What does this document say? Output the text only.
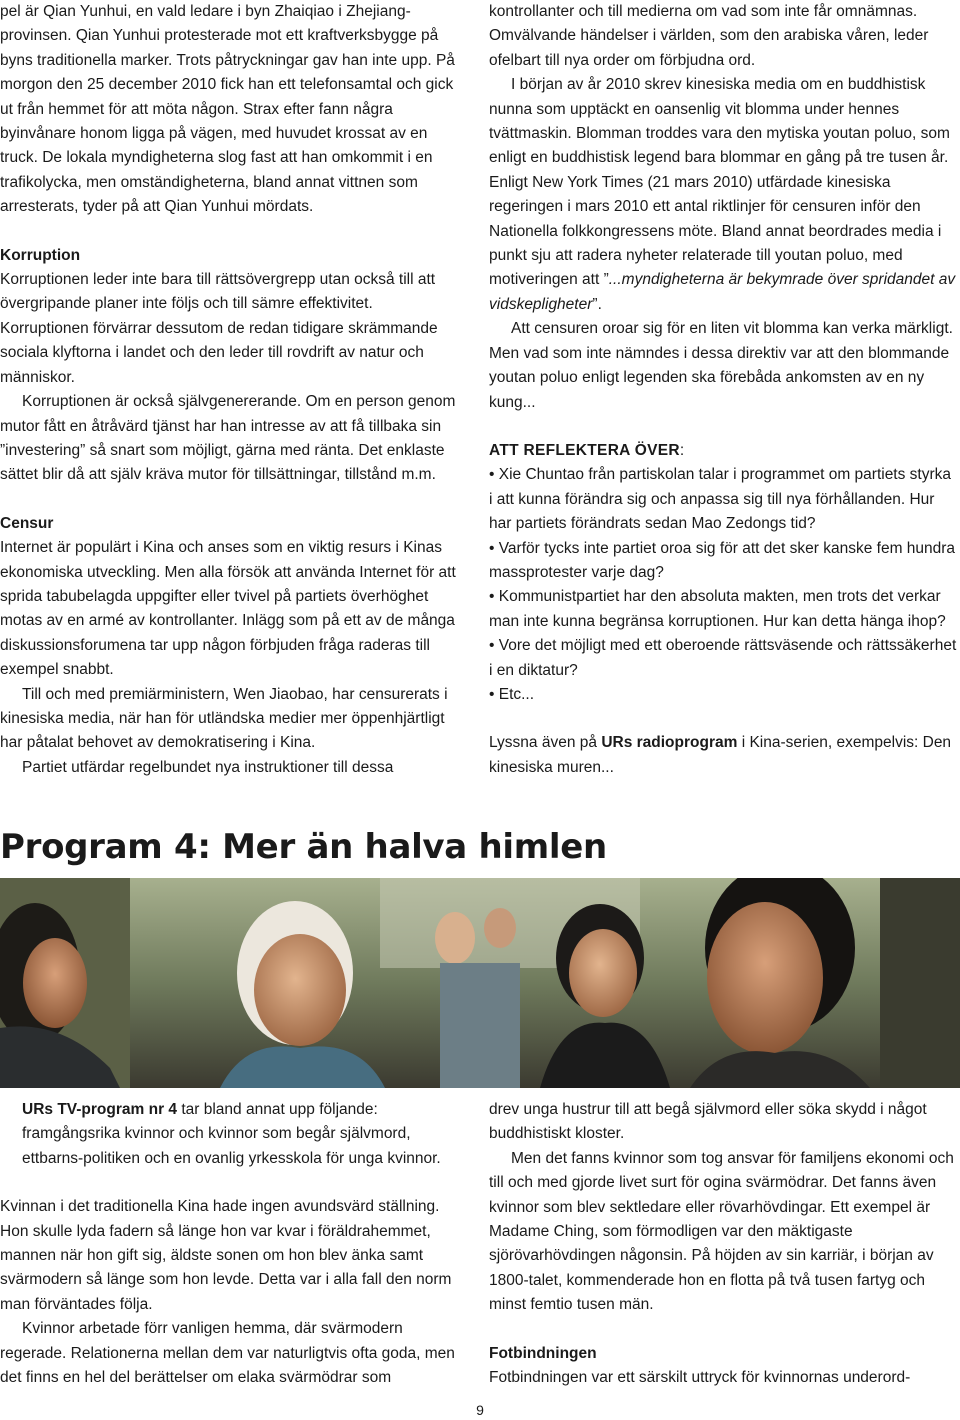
pel är Qian Yunhui, en vald ledare i byn Zhaiqiao i Zhejiang-provinsen. Qian Yunhui protesterade mot ett kraftverksbygge på byns traditionella marker. Trots påtryckningar gav han inte upp. På morgon den 25 december 2010 fick han ett telefonsamtal och gick ut från hemmet för att möta någon. Strax efter fann några byinvånare honom ligga på vägen, med huvudet krossat av en truck. De lokala myndigheterna slog fast att han omkommit i en trafikolycka, men omständigheterna, bland annat vittnen som arresterats, tyder på att Qian Yunhui mördats.

Korruption

Korruptionen leder inte bara till rättsövergrepp utan också till att övergripande planer inte följs och till sämre effektivitet.

Korruptionen förvärrar dessutom de redan tidigare skrämmande sociala klyftorna i landet och den leder till rovdrift av natur och människor.

Korruptionen är också självgenererande. Om en person genom mutor fått en åtråvärd tjänst har han intresse av att få tillbaka sin ”investering” så snart som möjligt, gärna med ränta. Det enklaste sättet blir då att själv kräva mutor för tillsättningar, tillstånd m.m.

Censur

Internet är populärt i Kina och anses som en viktig resurs i Kinas ekonomiska utveckling. Men alla försök att använda Internet för att sprida tabubelagda uppgifter eller tvivel på partiets överhöghet motas av en armé av kontrollanter. Inlägg som på ett av de många diskussionsforumena tar upp någon förbjuden fråga raderas till exempel snabbt.

Till och med premiärministern, Wen Jiaobao, har censurerats i kinesiska media, när han för utländska medier mer öppenhjärtligt har påtalat behovet av demokratisering i Kina.

Partiet utfärdar regelbundet nya instruktioner till dessa

kontrollanter och till medierna om vad som inte får omnämnas. Omvälvande händelser i världen, som den arabiska våren, leder ofelbart till nya order om förbjudna ord.

I början av år 2010 skrev kinesiska media om en buddhistisk nunna som upptäckt en oansenlig vit blomma under hennes tvättmaskin. Blomman troddes vara den mytiska youtan poluo, som enligt en buddhistisk legend bara blommar en gång på tre tusen år. Enligt New York Times (21 mars 2010) utfärdade kinesiska regeringen i mars 2010 ett antal riktlinjer för censuren inför den Nationella folkkongressens möte. Bland annat beordrades media i punkt sju att radera nyheter relaterade till youtan poluo, med motiveringen att ”...myndigheterna är bekymrade över spridandet av vidskepligheter”.

Att censuren oroar sig för en liten vit blomma kan verka märkligt. Men vad som inte nämndes i dessa direktiv var att den blommande youtan poluo enligt legenden ska förebåda ankomsten av en ny kung...

ATT REFLEKTERA ÖVER:

• Xie Chuntao från partiskolan talar i programmet om partiets styrka i att kunna förändra sig och anpassa sig till nya förhållanden. Hur har partiets förändrats sedan Mao Zedongs tid?

• Varför tycks inte partiet oroa sig för att det sker kanske fem hundra massprotester varje dag?

• Kommunistpartiet har den absoluta makten, men trots det verkar man inte kunna begränsa korruptionen. Hur kan detta hänga ihop?

• Vore det möjligt med ett oberoende rättsväsende och rättssäkerhet i en diktatur?

• Etc...

Lyssna även på URs radioprogram i Kina-serien, exempelvis: Den kinesiska muren...

Program 4: Mer än halva himlen

URs TV-program nr 4 tar bland annat upp följande: framgångsrika kvinnor och kvinnor som begår självmord, ettbarns-politiken och en ovanlig yrkesskola för unga kvinnor.

Kvinnan i det traditionella Kina hade ingen avundsvärd ställning. Hon skulle lyda fadern så länge hon var kvar i föräldrahemmet, mannen när hon gift sig, äldste sonen om hon blev änka samt svärmodern så länge som hon levde. Detta var i alla fall den norm man förväntades följa.

Kvinnor arbetade förr vanligen hemma, där svärmodern regerade. Relationerna mellan dem var naturligtvis ofta goda, men det finns en hel del berättelser om elaka svärmödrar som

drev unga hustrur till att begå självmord eller söka skydd i något buddhistiskt kloster.

Men det fanns kvinnor som tog ansvar för familjens ekonomi och till och med gjorde livet surt för ogina svärmödrar. Det fanns även kvinnor som blev sektledare eller rövarhövdingar. Ett exempel är Madame Ching, som förmodligen var den mäktigaste sjörövarhövdingen någonsin. På höjden av sin karriär, i början av 1800-talet, kommenderade hon en flotta på två tusen fartyg och minst femtio tusen män.

Fotbindningen

Fotbindningen var ett särskilt uttryck för kvinnornas underord-

9
